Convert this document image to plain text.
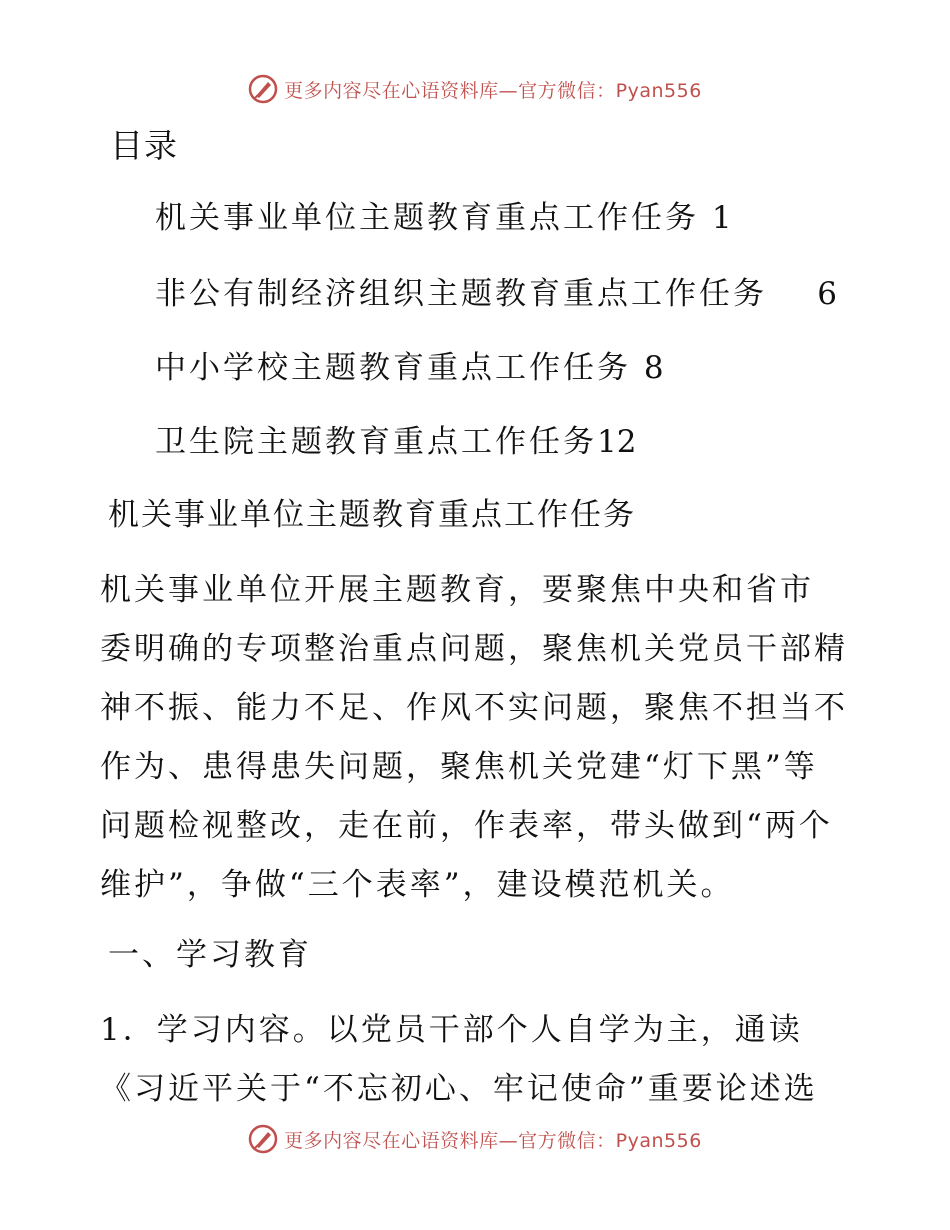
更多内容尽在心语资料库—官方微信：Pyan556
目录
机关事业单位主题教育重点工作任务 1
非公有制经济组织主题教育重点工作任务 6
中小学校主题教育重点工作任务 8
卫生院主题教育重点工作任务12
机关事业单位主题教育重点工作任务
机关事业单位开展主题教育，要聚焦中央和省市
委明确的专项整治重点问题，聚焦机关党员干部精
神不振、能力不足、作风不实问题，聚焦不担当不
作为、患得患失问题，聚焦机关党建“灯下黑”等
问题检视整改，走在前，作表率，带头做到“两个
维护”，争做“三个表率”，建设模范机关。
一、学习教育
1．学习内容。以党员干部个人自学为主，通读
《习近平关于“不忘初心、牢记使命”重要论述选
更多内容尽在心语资料库—官方微信：Pyan556
